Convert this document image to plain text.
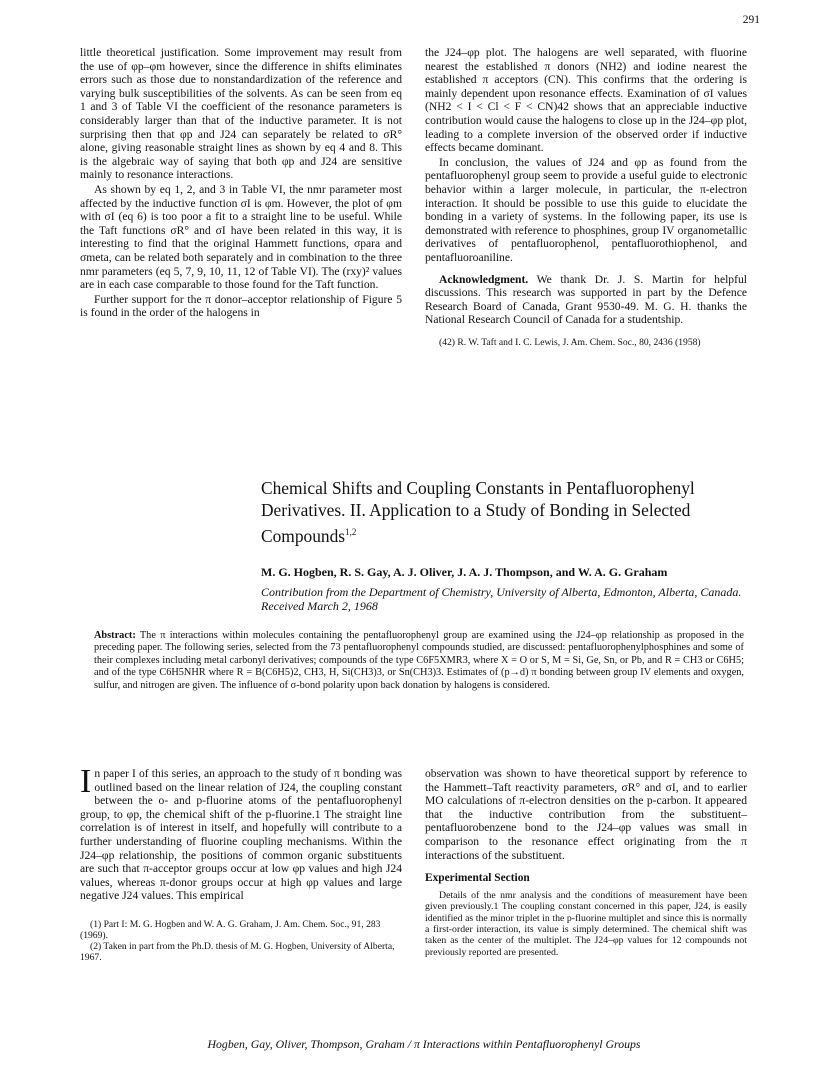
291

little theoretical justification. Some improvement may result from the use of φp–φm however, since the difference in shifts eliminates errors such as those due to nonstandardization of the reference and varying bulk susceptibilities of the solvents. As can be seen from eq 1 and 3 of Table VI the coefficient of the resonance parameters is considerably larger than that of the inductive parameter. It is not surprising then that φp and J24 can separately be related to σR° alone, giving reasonable straight lines as shown by eq 4 and 8. This is the algebraic way of saying that both φp and J24 are sensitive mainly to resonance interactions.

As shown by eq 1, 2, and 3 in Table VI, the nmr parameter most affected by the inductive function σI is φm. However, the plot of φm with σI (eq 6) is too poor a fit to a straight line to be useful. While the Taft functions σR° and σI have been related in this way, it is interesting to find that the original Hammett functions, σpara and σmeta, can be related both separately and in combination to the three nmr parameters (eq 5, 7, 9, 10, 11, 12 of Table VI). The (rxy)² values are in each case comparable to those found for the Taft function.

Further support for the π donor–acceptor relationship of Figure 5 is found in the order of the halogens in

the J24–φp plot. The halogens are well separated, with fluorine nearest the established π donors (NH2) and iodine nearest the established π acceptors (CN). This confirms that the ordering is mainly dependent upon resonance effects. Examination of σI values (NH2 < I < Cl < F < CN)42 shows that an appreciable inductive contribution would cause the halogens to close up in the J24–φp plot, leading to a complete inversion of the observed order if inductive effects became dominant.

In conclusion, the values of J24 and φp as found from the pentafluorophenyl group seem to provide a useful guide to electronic behavior within a larger molecule, in particular, the π-electron interaction. It should be possible to use this guide to elucidate the bonding in a variety of systems. In the following paper, its use is demonstrated with reference to phosphines, group IV organometallic derivatives of pentafluorophenol, pentafluorothiophenol, and pentafluoroaniline.

Acknowledgment. We thank Dr. J. S. Martin for helpful discussions. This research was supported in part by the Defence Research Board of Canada, Grant 9530-49. M. G. H. thanks the National Research Council of Canada for a studentship.

(42) R. W. Taft and I. C. Lewis, J. Am. Chem. Soc., 80, 2436 (1958)

Chemical Shifts and Coupling Constants in Pentafluorophenyl Derivatives. II. Application to a Study of Bonding in Selected Compounds$^{1,2}$

M. G. Hogben, R. S. Gay, A. J. Oliver, J. A. J. Thompson, and W. A. G. Graham

Contribution from the Department of Chemistry, University of Alberta, Edmonton, Alberta, Canada. Received March 2, 1968

Abstract: The π interactions within molecules containing the pentafluorophenyl group are examined using the J24–φp relationship as proposed in the preceding paper. The following series, selected from the 73 pentafluorophenyl compounds studied, are discussed: pentafluorophenylphosphines and some of their complexes including metal carbonyl derivatives; compounds of the type C6F5XMR3, where X = O or S, M = Si, Ge, Sn, or Pb, and R = CH3 or C6H5; and of the type C6H5NHR where R = B(C6H5)2, CH3, H, Si(CH3)3, or Sn(CH3)3. Estimates of (p→d) π bonding between group IV elements and oxygen, sulfur, and nitrogen are given. The influence of σ-bond polarity upon back donation by halogens is considered.

In paper I of this series, an approach to the study of π bonding was outlined based on the linear relation of J24, the coupling constant between the o- and p-fluorine atoms of the pentafluorophenyl group, to φp, the chemical shift of the p-fluorine.1 The straight line correlation is of interest in itself, and hopefully will contribute to a further understanding of fluorine coupling mechanisms. Within the J24–φp relationship, the positions of common organic substituents are such that π-acceptor groups occur at low φp values and high J24 values, whereas π-donor groups occur at high φp values and large negative J24 values. This empirical

(1) Part I: M. G. Hogben and W. A. G. Graham, J. Am. Chem. Soc., 91, 283 (1969).
(2) Taken in part from the Ph.D. thesis of M. G. Hogben, University of Alberta, 1967.

observation was shown to have theoretical support by reference to the Hammett–Taft reactivity parameters, σR° and σI, and to earlier MO calculations of π-electron densities on the p-carbon. It appeared that the inductive contribution from the substituent–pentafluorobenzene bond to the J24–φp values was small in comparison to the resonance effect originating from the π interactions of the substituent.

Experimental Section

Details of the nmr analysis and the conditions of measurement have been given previously.1 The coupling constant concerned in this paper, J24, is easily identified as the minor triplet in the p-fluorine multiplet and since this is normally a first-order interaction, its value is simply determined. The chemical shift was taken as the center of the multiplet. The J24–φp values for 12 compounds not previously reported are presented.

Hogben, Gay, Oliver, Thompson, Graham / π Interactions within Pentafluorophenyl Groups
